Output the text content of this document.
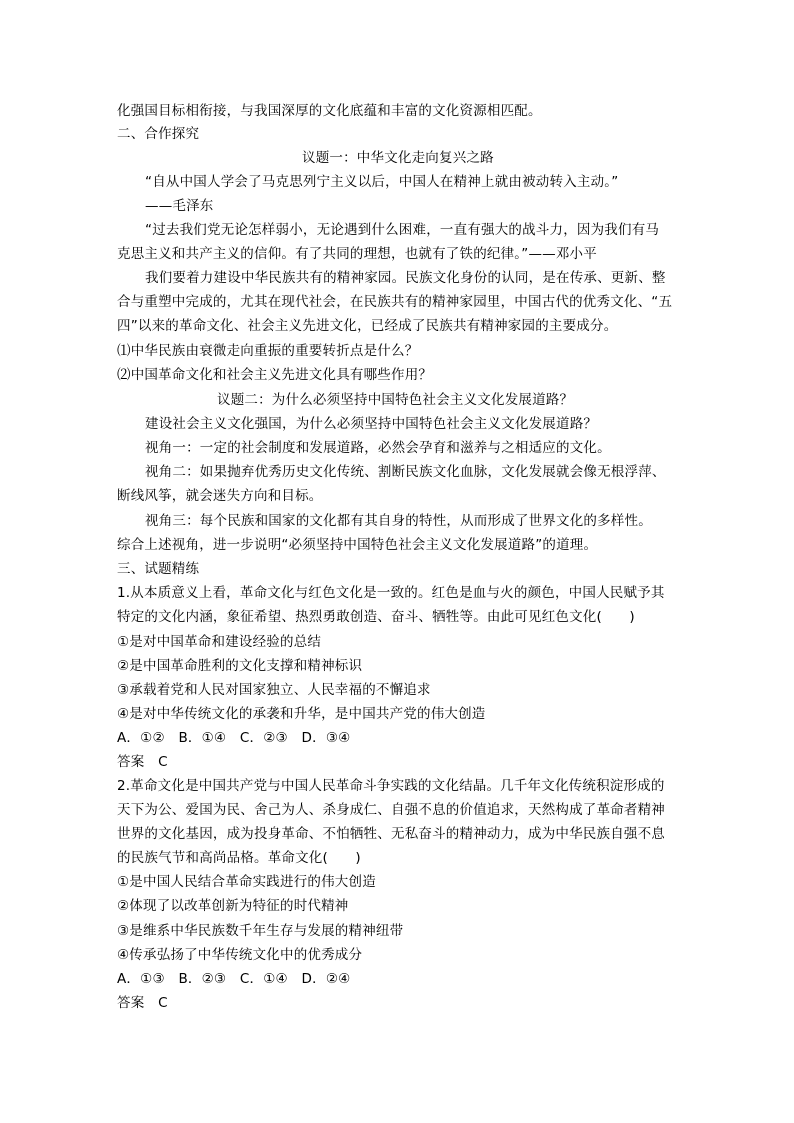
化强国目标相衔接，与我国深厚的文化底蕴和丰富的文化资源相匹配。
二、合作探究
议题一：中华文化走向复兴之路
“自从中国人学会了马克思列宁主义以后，中国人在精神上就由被动转入主动。”
——毛泽东
“过去我们党无论怎样弱小，无论遇到什么困难，一直有强大的战斗力，因为我们有马
克思主义和共产主义的信仰。有了共同的理想，也就有了铁的纪律。”——邓小平
我们要着力建设中华民族共有的精神家园。民族文化身份的认同，是在传承、更新、整
合与重塑中完成的，尤其在现代社会，在民族共有的精神家园里，中国古代的优秀文化、“五
四”以来的革命文化、社会主义先进文化，已经成了民族共有精神家园的主要成分。
⑴中华民族由衰微走向重振的重要转折点是什么？
⑵中国革命文化和社会主义先进文化具有哪些作用？
议题二：为什么必须坚持中国特色社会主义文化发展道路？
建设社会主义文化强国，为什么必须坚持中国特色社会主义文化发展道路？
视角一：一定的社会制度和发展道路，必然会孕育和滋养与之相适应的文化。
视角二：如果抛弃优秀历史文化传统、割断民族文化血脉，文化发展就会像无根浮萍、
断线风筝，就会迷失方向和目标。
视角三：每个民族和国家的文化都有其自身的特性，从而形成了世界文化的多样性。
综合上述视角，进一步说明“必须坚持中国特色社会主义文化发展道路”的道理。
三、试题精练
1.从本质意义上看，革命文化与红色文化是一致的。红色是血与火的颜色，中国人民赋予其
特定的文化内涵，象征希望、热烈勇敢创造、奋斗、牺牲等。由此可见红色文化(　　)
①是对中国革命和建设经验的总结
②是中国革命胜利的文化支撑和精神标识
③承载着党和人民对国家独立、人民幸福的不懈追求
④是对中华传统文化的承袭和升华，是中国共产党的伟大创造
A．①②　B．①④　C．②③　D．③④
答案　C
2.革命文化是中国共产党与中国人民革命斗争实践的文化结晶。几千年文化传统积淀形成的
天下为公、爱国为民、舍己为人、杀身成仁、自强不息的价值追求，天然构成了革命者精神
世界的文化基因，成为投身革命、不怕牺牲、无私奋斗的精神动力，成为中华民族自强不息
的民族气节和高尚品格。革命文化(　　)
①是中国人民结合革命实践进行的伟大创造
②体现了以改革创新为特征的时代精神
③是维系中华民族数千年生存与发展的精神纽带
④传承弘扬了中华传统文化中的优秀成分
A．①③　B．②③　C．①④　D．②④
答案　C
